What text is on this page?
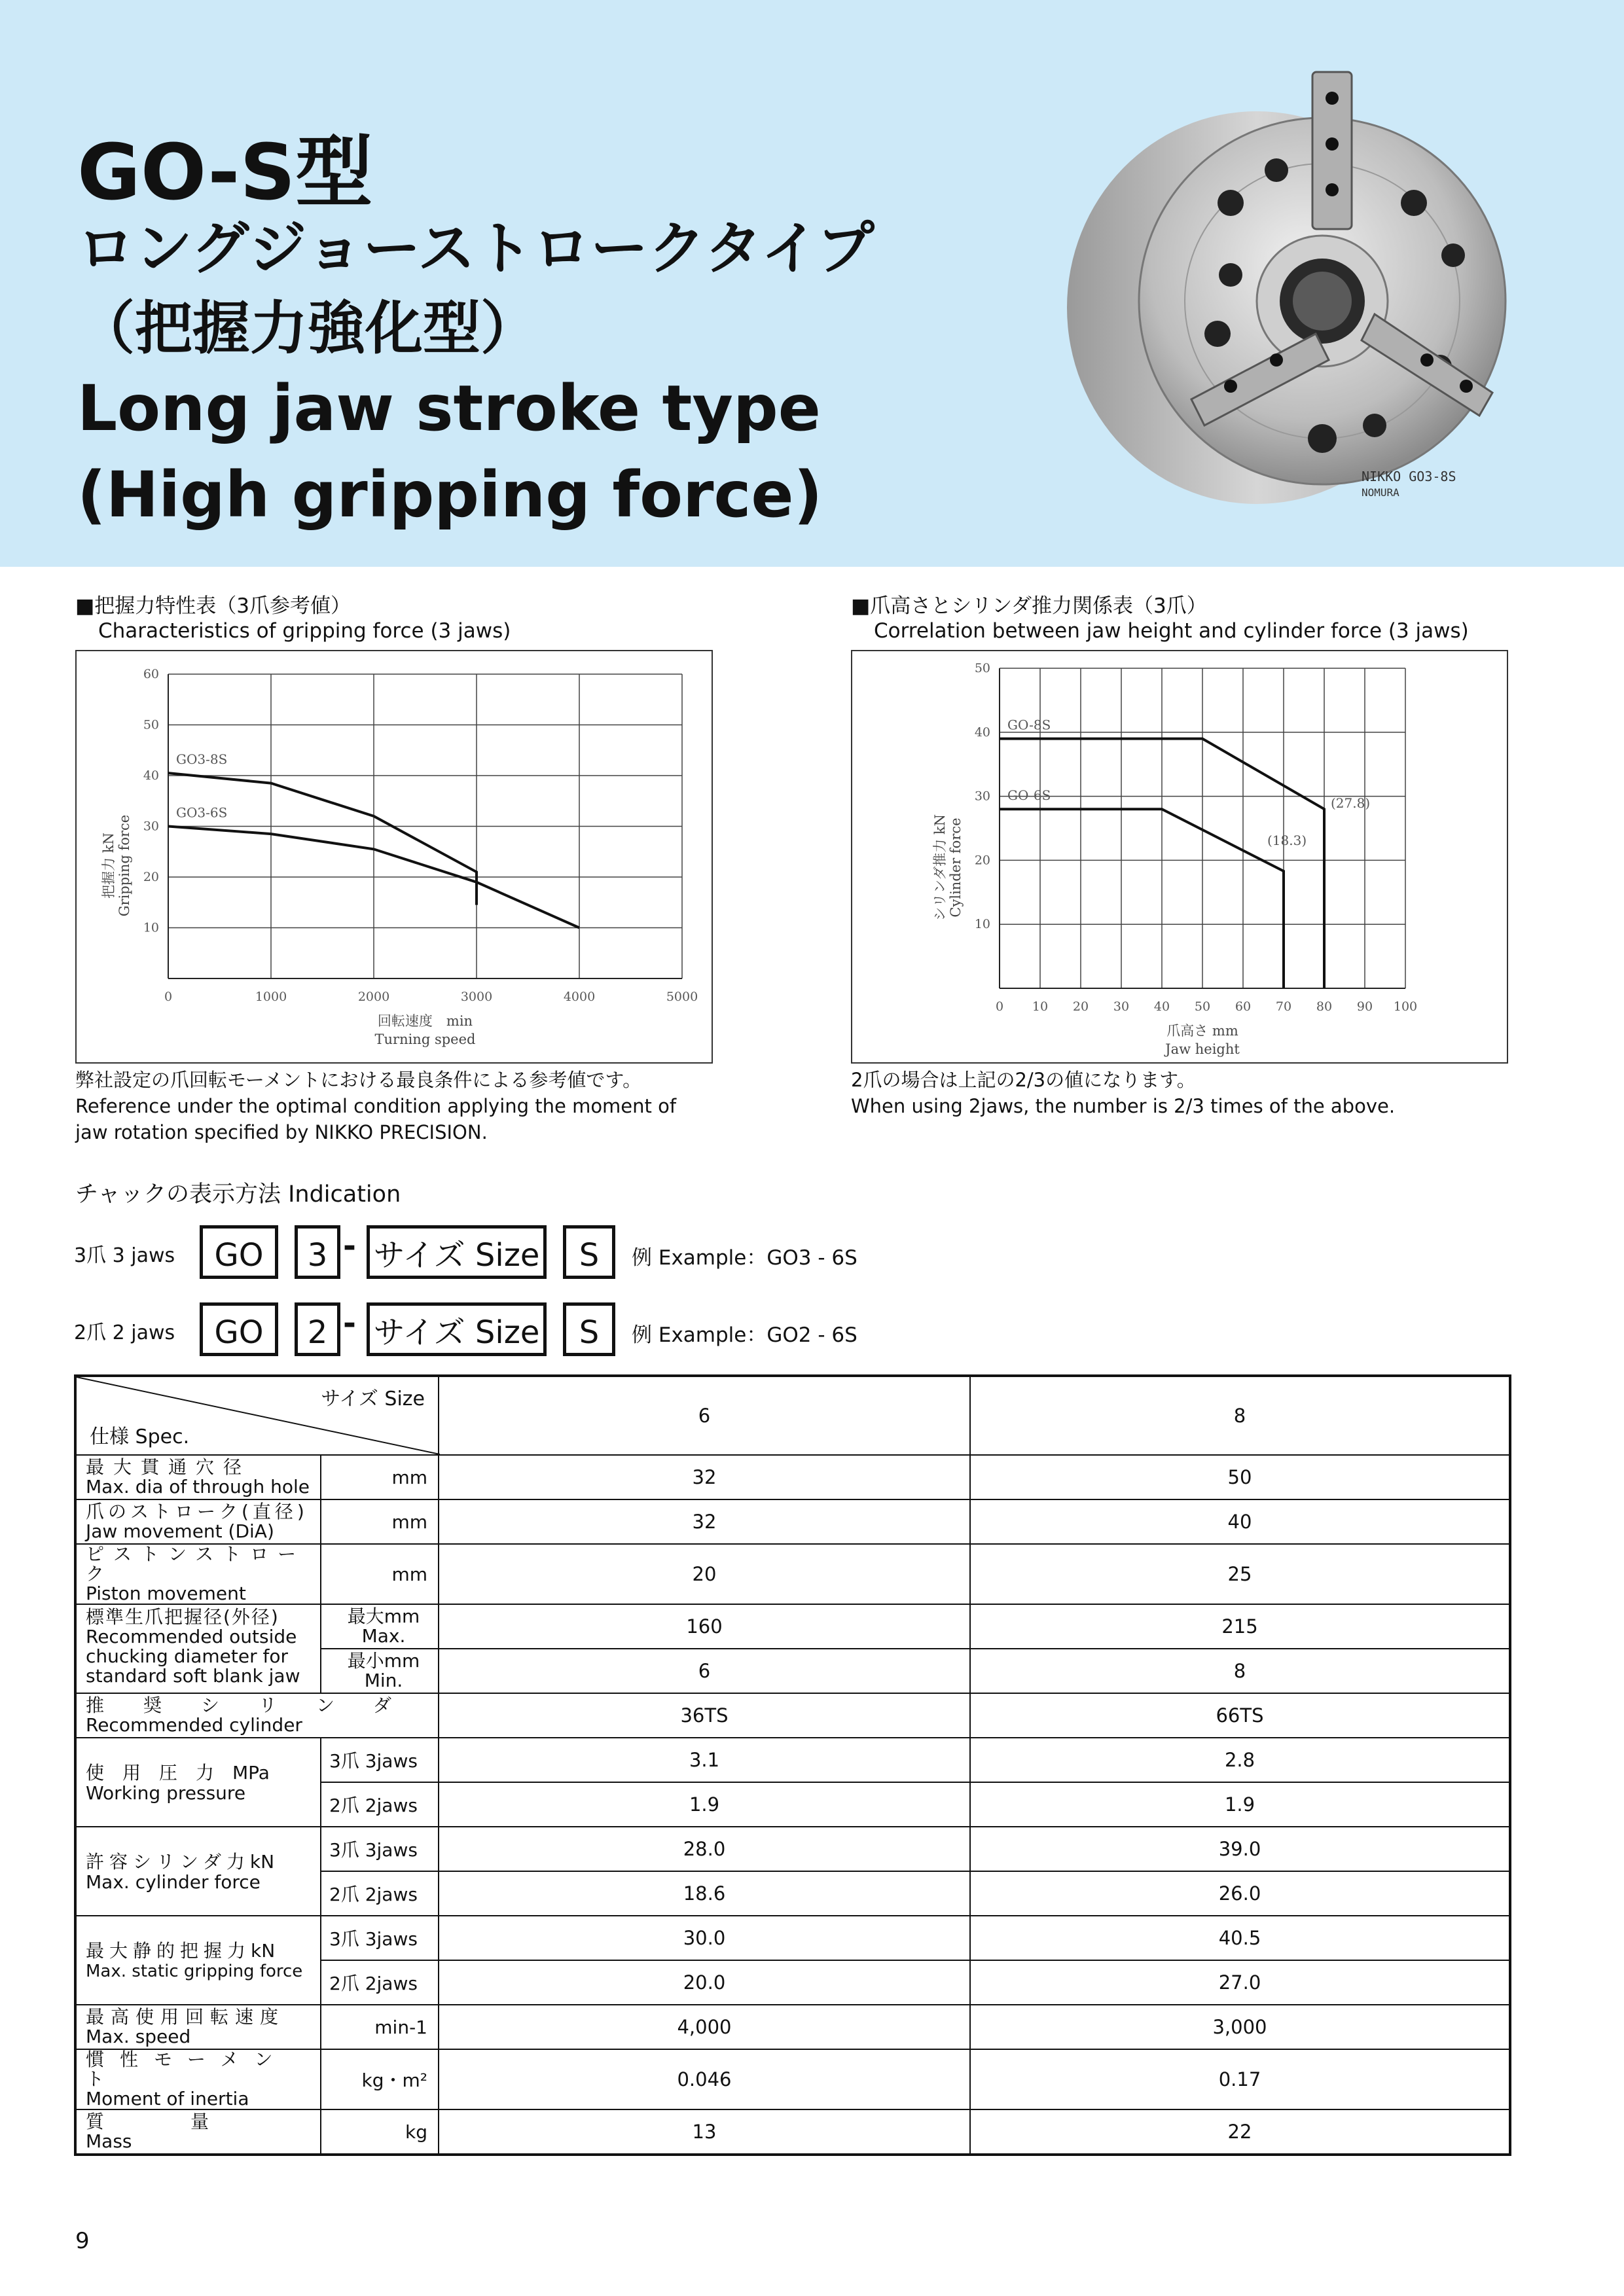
GO-S型
ロングジョーストロークタイプ
（把握力強化型）
Long jaw stroke type
(High gripping force)	NIKKO GO3-8S
NOMURA
■把握力特性表（3爪参考値）
Characteristics of gripping force (3 jaws)
■爪高さとシリンダ推力関係表（3爪）
Correlation between jaw height and cylinder force (3 jaws)
0	1000	2000	3000	4000	5000
10
20
30
40
50
60
GO3-8S
GO3-6S
回転速度　min
Turning speed
把握力 kN Gripping force
0 10 20 30 40 50 60 70 80 90 100
10
20
30
40
50
GO-8S
(27.8)
GO-6S
(18.3)
爪高さ mm
Jaw height
シリンダ推力 kN Cylinder force
弊社設定の爪回転モーメントにおける最良条件による参考値です。
Reference under the optimal condition applying the moment of
jaw rotation specified by NIKKO PRECISION.
2爪の場合は上記の2/3の値になります。
When using 2jaws, the number is 2/3 times of the above.
チャックの表示方法 Indication
3爪 3 jaws	GO	3 - サイズ Size	S	例 Example：GO3 - 6S
2爪 2 jaws	GO	2 - サイズ Size	S	例 Example：GO2 - 6S
サイズ Size
仕様 Spec.		6	8

最大貫通穴径
Max. dia of through hole	mm	32	50

爪のストローク(直径)
Jaw movement (DiA)	mm	32	40

ピストンストローク
Piston movement	mm	20	25

標準生爪把握径(外径)
Recommended outside
chucking diameter for
standard soft blank jaw	最大mm
Max.	160	215

	最小mm
Min.	6	8

推奨シリンダ
Recommended cylinder		36TS	66TS
使用圧力MPa
Working pressure	3爪 3jaws	3.1	2.8
	2爪 2jaws	1.9	1.9
許容シリンダ力kN
Max. cylinder force	3爪 3jaws	28.0	39.0
	2爪 2jaws	18.6	26.0
最大静的把握力kN
Max. static gripping force	3爪 3jaws	30.0	40.5
	2爪 2jaws	20.0	27.0

最高使用回転速度
Max. speed	min-1	4,000	3,000

慣性モーメント
Moment of inertia	kg・m²	0.046	0.17

質　　　　量
Mass	kg	13	22
9
